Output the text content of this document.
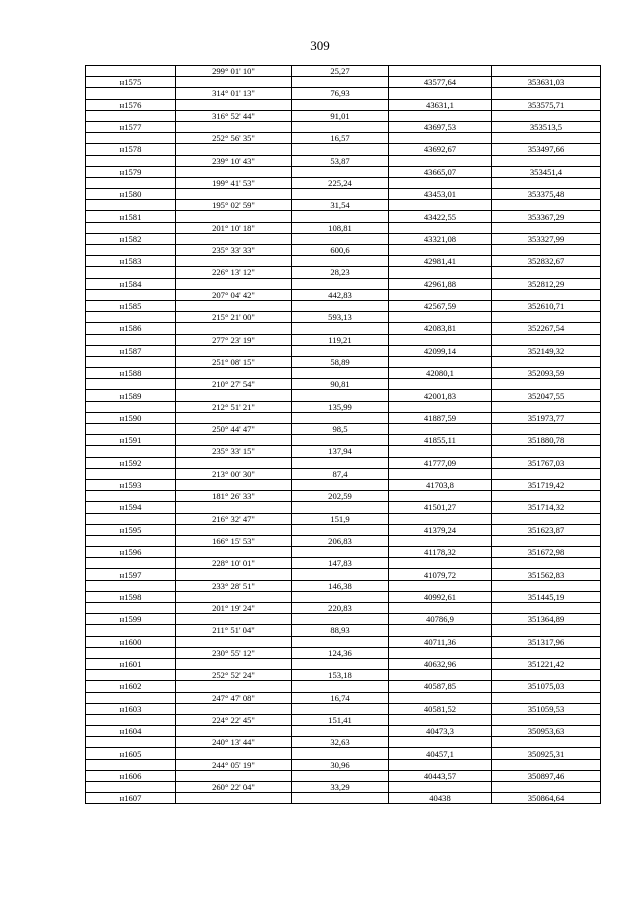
309
	299° 01' 10"	25,27		
н1575			43577,64	353631,03
	314° 01' 13"	76,93		
н1576			43631,1	353575,71
	316° 52' 44"	91,01		
н1577			43697,53	353513,5
	252° 56' 35"	16,57		
н1578			43692,67	353497,66
	239° 10' 43"	53,87		
н1579			43665,07	353451,4
	199° 41' 53"	225,24		
н1580			43453,01	353375,48
	195° 02' 59"	31,54		
н1581			43422,55	353367,29
	201° 10' 18"	108,81		
н1582			43321,08	353327,99
	235° 33' 33"	600,6		
н1583			42981,41	352832,67
	226° 13' 12"	28,23		
н1584			42961,88	352812,29
	207° 04' 42"	442,83		
н1585			42567,59	352610,71
	215° 21' 00"	593,13		
н1586			42083,81	352267,54
	277° 23' 19"	119,21		
н1587			42099,14	352149,32
	251° 08' 15"	58,89		
н1588			42080,1	352093,59
	210° 27' 54"	90,81		
н1589			42001,83	352047,55
	212° 51' 21"	135,99		
н1590			41887,59	351973,77
	250° 44' 47"	98,5		
н1591			41855,11	351880,78
	235° 33' 15"	137,94		
н1592			41777,09	351767,03
	213° 00' 30"	87,4		
н1593			41703,8	351719,42
	181° 26' 33"	202,59		
н1594			41501,27	351714,32
	216° 32' 47"	151,9		
н1595			41379,24	351623,87
	166° 15' 53"	206,83		
н1596			41178,32	351672,98
	228° 10' 01"	147,83		
н1597			41079,72	351562,83
	233° 28' 51"	146,38		
н1598			40992,61	351445,19
	201° 19' 24"	220,83		
н1599			40786,9	351364,89
	211° 51' 04"	88,93		
н1600			40711,36	351317,96
	230° 55' 12"	124,36		
н1601			40632,96	351221,42
	252° 52' 24"	153,18		
н1602			40587,85	351075,03
	247° 47' 08"	16,74		
н1603			40581,52	351059,53
	224° 22' 45"	151,41		
н1604			40473,3	350953,63
	240° 13' 44"	32,63		
н1605			40457,1	350925,31
	244° 05' 19"	30,96		
н1606			40443,57	350897,46
	260° 22' 04"	33,29		
н1607			40438	350864,64
